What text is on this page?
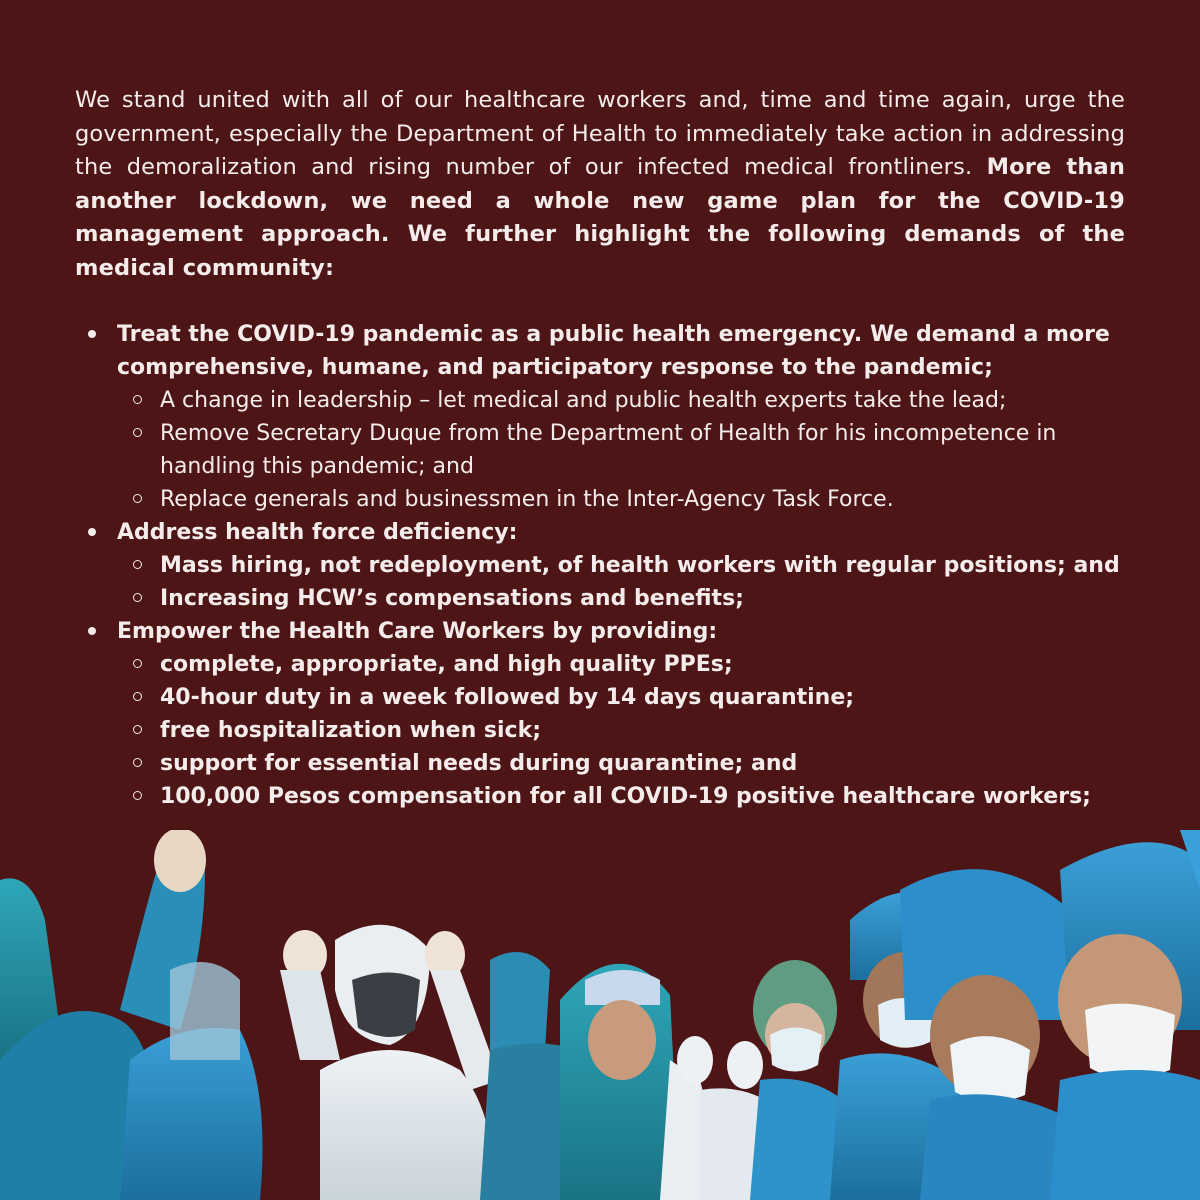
We stand united with all of our healthcare workers and, time and time again, urge the government, especially the Department of Health to immediately take action in addressing the demoralization and rising number of our infected medical frontliners. More than another lockdown, we need a whole new game plan for the COVID-19 management approach. We further highlight the following demands of the medical community:

Treat the COVID-19 pandemic as a public health emergency. We demand a more comprehensive, humane, and participatory response to the pandemic;
A change in leadership – let medical and public health experts take the lead;
Remove Secretary Duque from the Department of Health for his incompetence in handling this pandemic; and
Replace generals and businessmen in the Inter-Agency Task Force.
Address health force deficiency:
Mass hiring, not redeployment, of health workers with regular positions; and
Increasing HCW’s compensations and benefits;
Empower the Health Care Workers by providing:
complete, appropriate, and high quality PPEs;
40-hour duty in a week followed by 14 days quarantine;
free hospitalization when sick;
support for essential needs during quarantine; and
100,000 Pesos compensation for all COVID-19 positive healthcare workers;
